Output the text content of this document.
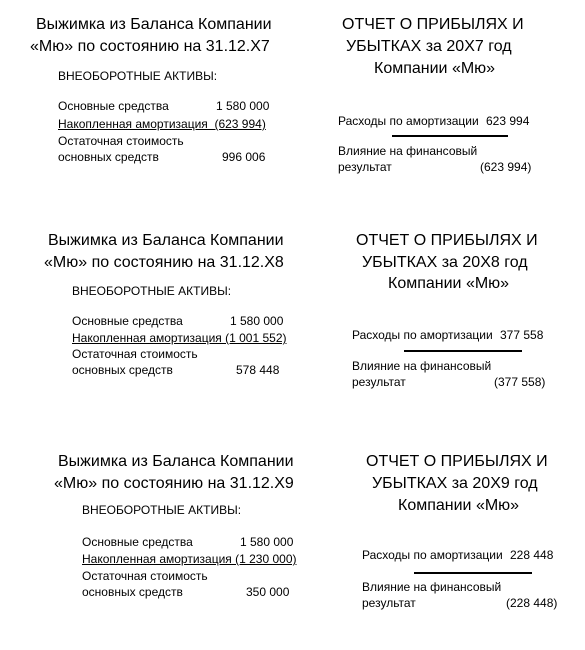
Выжимка из Баланса Компании
«Мю» по состоянию на 31.12.Х7
ВНЕОБОРОТНЫЕ АКТИВЫ:
Основные средства	1 580 000
Накопленная амортизация  (623 994)
Остаточная стоимость
основных средств	996 006
ОТЧЕТ О ПРИБЫЛЯХ И
УБЫТКАХ за 20Х7 год
Компании «Мю»
Расходы по амортизации 623 994
Влияние на финансовый
результат	(623 994)
Выжимка из Баланса Компании
«Мю» по состоянию на 31.12.Х8
ВНЕОБОРОТНЫЕ АКТИВЫ:
Основные средства	1 580 000
Накопленная амортизация (1 001 552)
Остаточная стоимость
основных средств	578 448
ОТЧЕТ О ПРИБЫЛЯХ И
УБЫТКАХ за 20Х8 год
Компании «Мю»
Расходы по амортизации 377 558
Влияние на финансовый
результат	(377 558)
Выжимка из Баланса Компании
«Мю» по состоянию на 31.12.Х9
ВНЕОБОРОТНЫЕ АКТИВЫ:
Основные средства	1 580 000
Накопленная амортизация (1 230 000)
Остаточная стоимость
основных средств	350 000
ОТЧЕТ О ПРИБЫЛЯХ И
УБЫТКАХ за 20Х9 год
Компании «Мю»
Расходы по амортизации 228 448
Влияние на финансовый
результат	(228 448)
